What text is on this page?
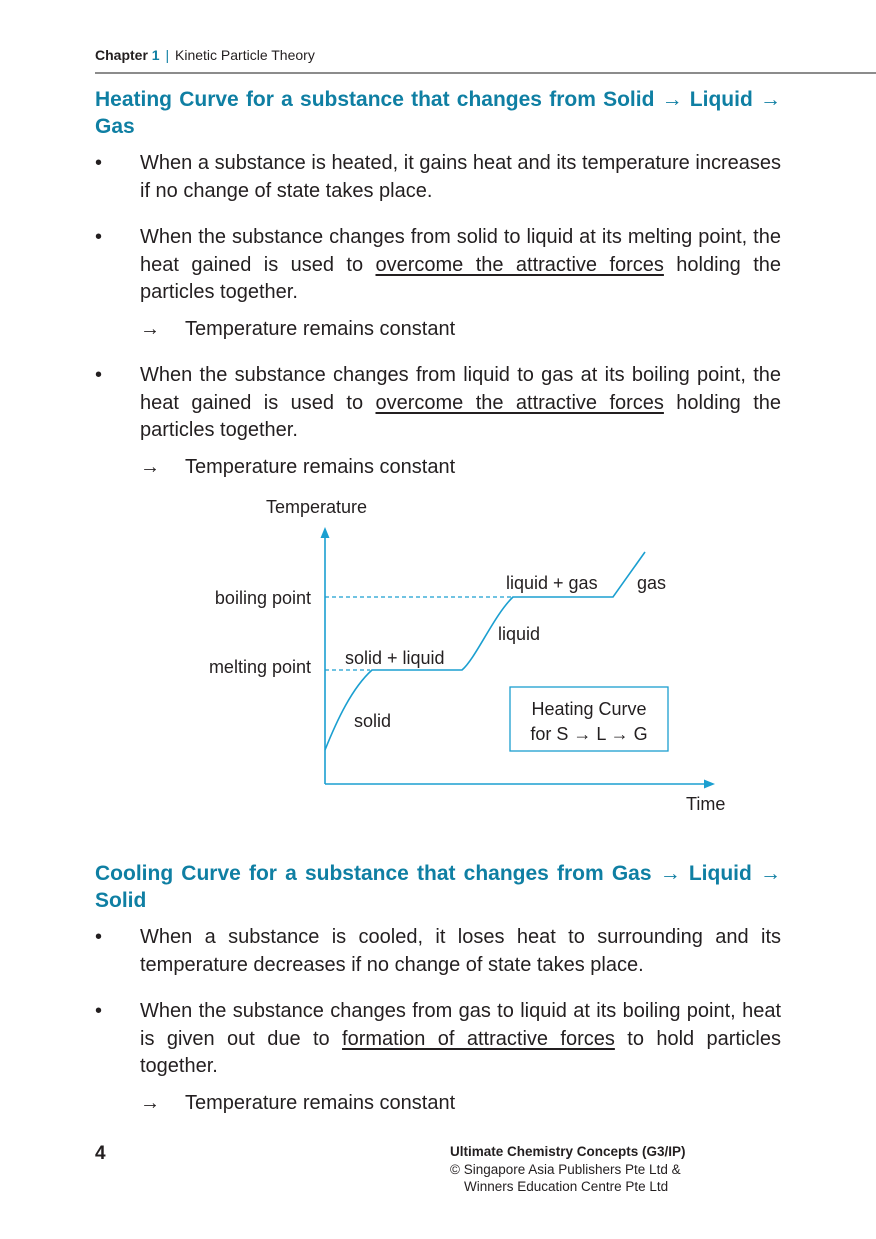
Chapter 1 | Kinetic Particle Theory
Heating Curve for a substance that changes from Solid → Liquid → Gas
• When a substance is heated, it gains heat and its temperature increases if no change of state takes place.
• When the substance changes from solid to liquid at its melting point, the heat gained is used to overcome the attractive forces holding the particles together.
→ Temperature remains constant
• When the substance changes from liquid to gas at its boiling point, the heat gained is used to overcome the attractive forces holding the particles together.
→ Temperature remains constant
Temperature
Time
boiling point
melting point
solid
solid + liquid
liquid
liquid + gas gas
Heating Curve
for S → L → G
Cooling Curve for a substance that changes from Gas → Liquid → Solid
• When a substance is cooled, it loses heat to surrounding and its temperature decreases if no change of state takes place.
• When the substance changes from gas to liquid at its boiling point, heat is given out due to formation of attractive forces to hold particles together.
→ Temperature remains constant
4	Ultimate Chemistry Concepts (G3/IP)
© Singapore Asia Publishers Pte Ltd &
Winners Education Centre Pte Ltd
